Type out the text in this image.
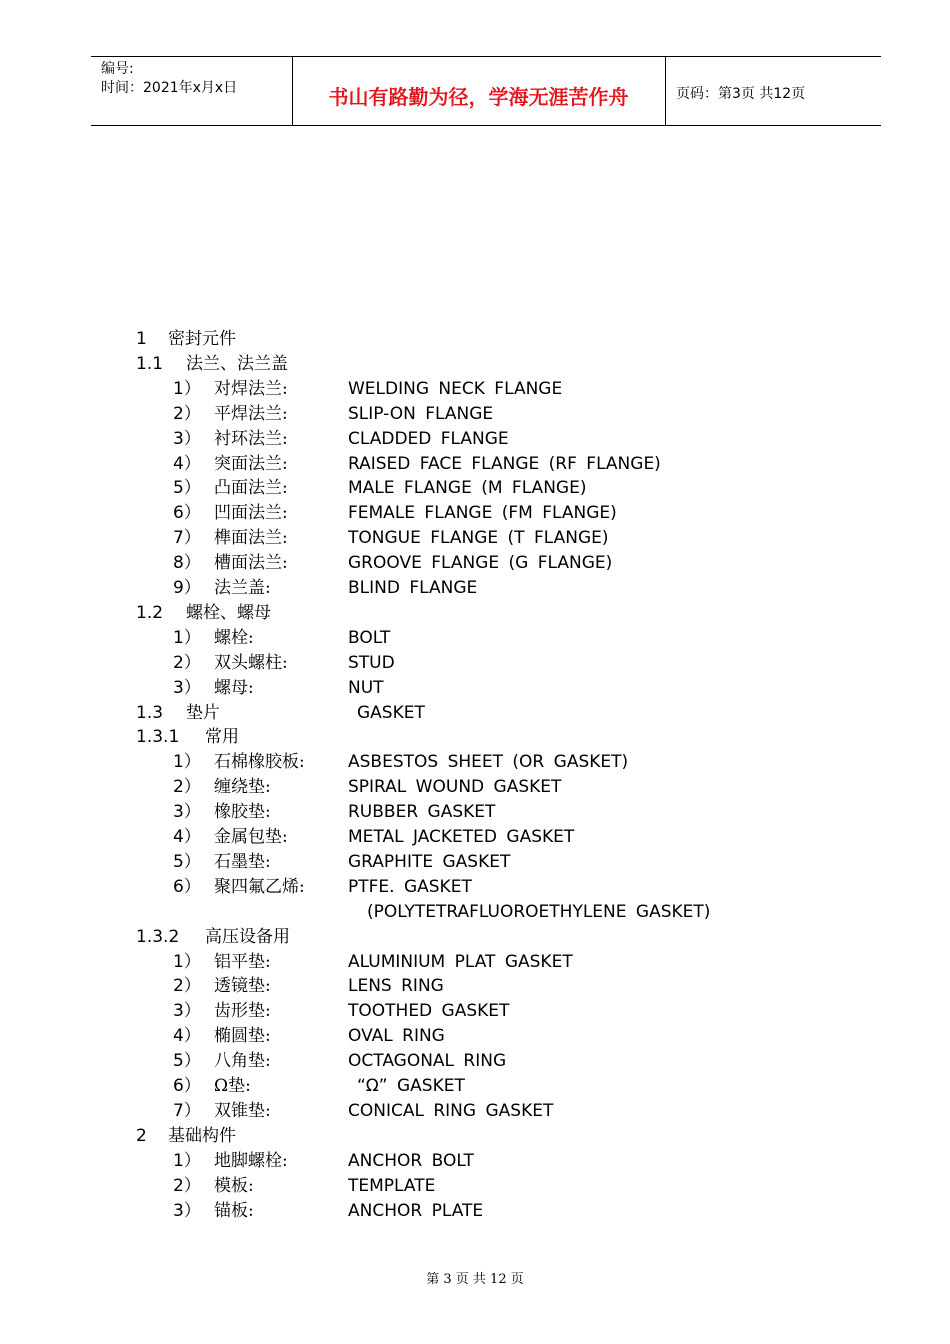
编号:
时间：2021年x月x日	书山有路勤为径，学海无涯苦作舟	页码：第3页 共12页
1 密封元件
1.1 法兰、法兰盖
1） 对焊法兰:	WELDING NECK FLANGE
2） 平焊法兰:	SLIP-ON FLANGE
3） 衬环法兰:	CLADDED FLANGE
4） 突面法兰:	RAISED FACE FLANGE (RF FLANGE)
5） 凸面法兰:	MALE FLANGE (M FLANGE)
6） 凹面法兰:	FEMALE FLANGE (FM FLANGE)
7） 榫面法兰:	TONGUE FLANGE (T FLANGE)
8） 槽面法兰:	GROOVE FLANGE (G FLANGE)
9） 法兰盖:	BLIND FLANGE
1.2 螺栓、螺母
1） 螺栓:	BOLT
2） 双头螺柱:	STUD
3） 螺母:	NUT
1.3 垫片	GASKET
1.3.1 常用
1） 石棉橡胶板:	ASBESTOS SHEET (OR GASKET)
2） 缠绕垫:	SPIRAL WOUND GASKET
3） 橡胶垫:	RUBBER GASKET
4） 金属包垫:	METAL JACKETED GASKET
5） 石墨垫:	GRAPHITE GASKET
6） 聚四氟乙烯:	PTFE. GASKET
(POLYTETRAFLUOROETHYLENE GASKET)
1.3.2 高压设备用
1） 铝平垫:	ALUMINIUM PLAT GASKET
2） 透镜垫:	LENS RING
3） 齿形垫:	TOOTHED GASKET
4） 椭圆垫:	OVAL RING
5） 八角垫:	OCTAGONAL RING
6） Ω垫:	“Ω” GASKET
7） 双锥垫:	CONICAL RING GASKET
2 基础构件
1） 地脚螺栓:	ANCHOR BOLT
2） 模板:	TEMPLATE
3） 锚板:	ANCHOR PLATE
第 3 页 共 12 页
